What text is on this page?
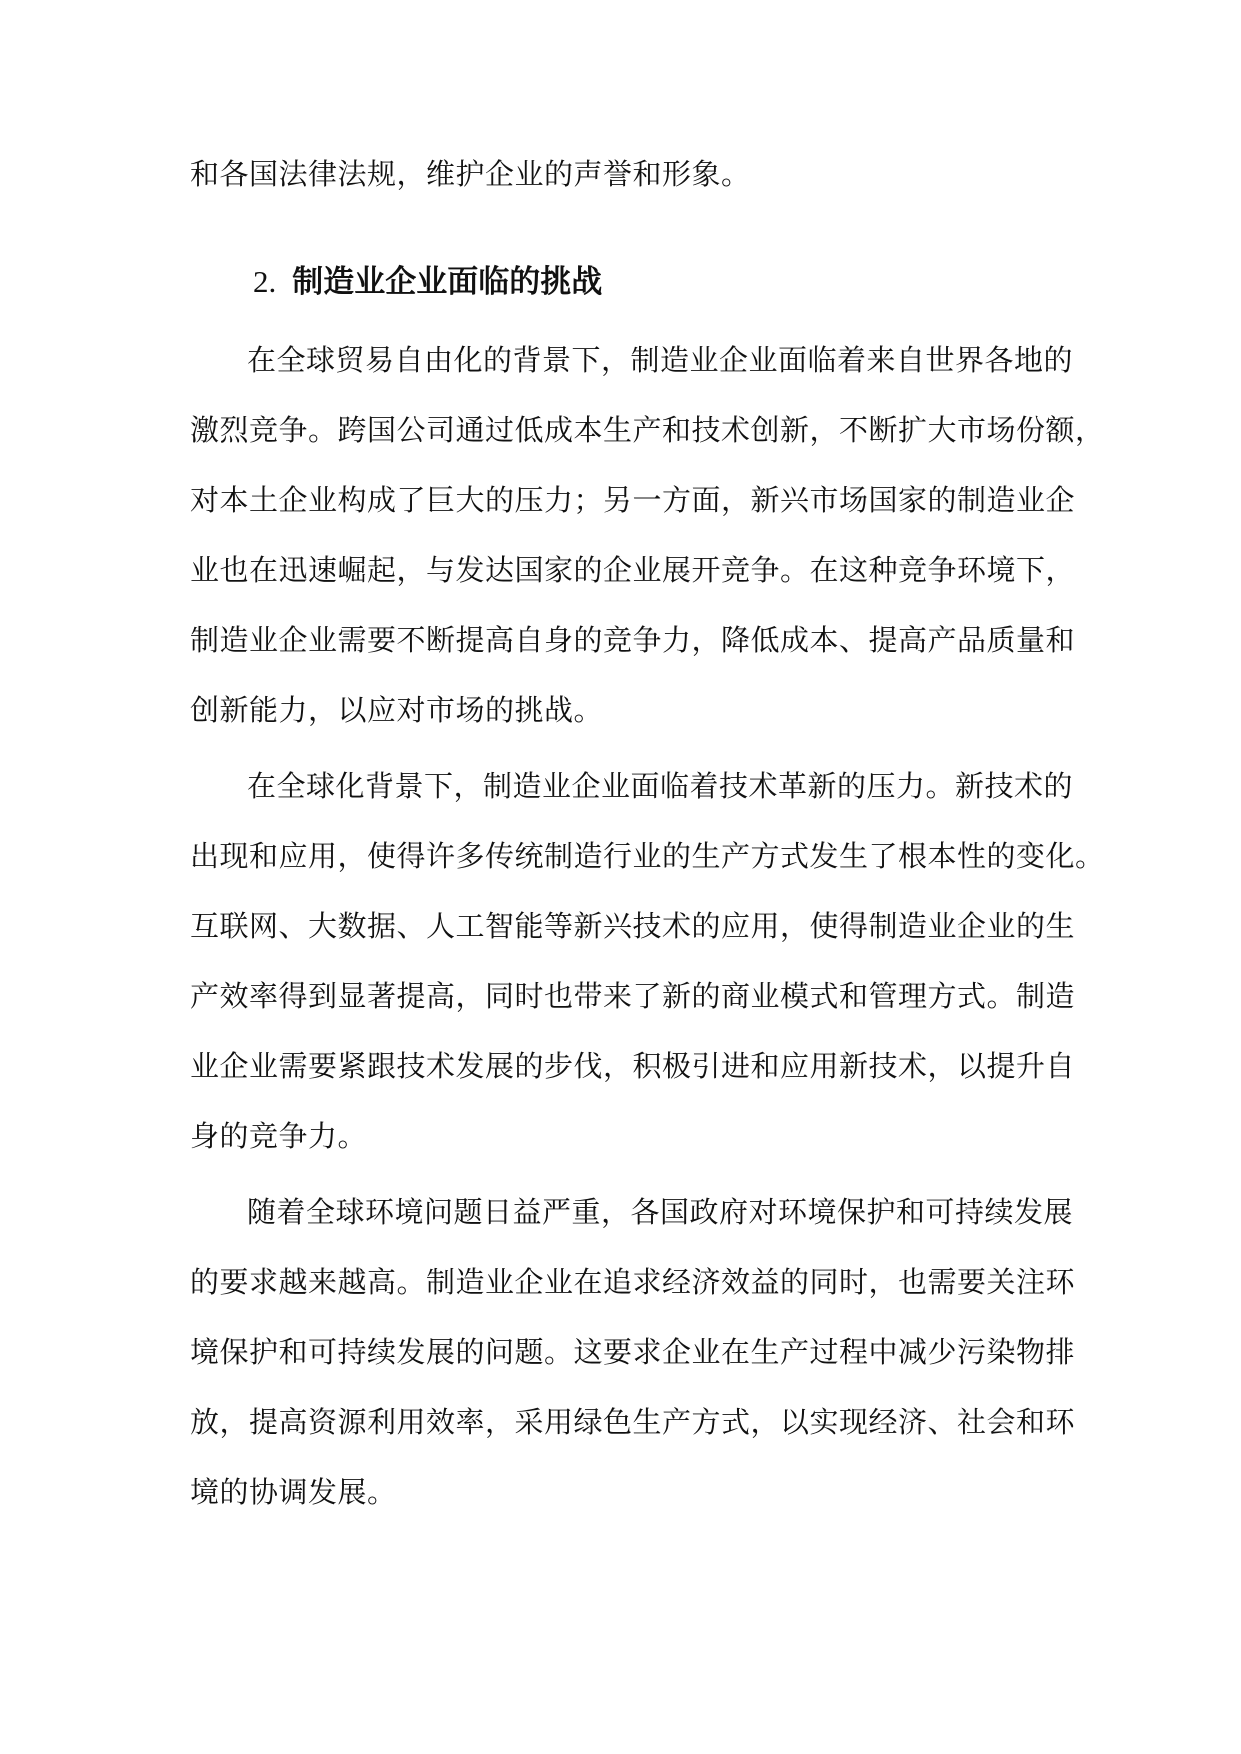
和各国法律法规，维护企业的声誉和形象。
2. 制造业企业面临的挑战
在全球贸易自由化的背景下，制造业企业面临着来自世界各地的
激烈竞争。跨国公司通过低成本生产和技术创新，不断扩大市场份额，
对本土企业构成了巨大的压力；另一方面，新兴市场国家的制造业企
业也在迅速崛起，与发达国家的企业展开竞争。在这种竞争环境下，
制造业企业需要不断提高自身的竞争力，降低成本、提高产品质量和
创新能力，以应对市场的挑战。
在全球化背景下，制造业企业面临着技术革新的压力。新技术的
出现和应用，使得许多传统制造行业的生产方式发生了根本性的变化。
互联网、大数据、人工智能等新兴技术的应用，使得制造业企业的生
产效率得到显著提高，同时也带来了新的商业模式和管理方式。制造
业企业需要紧跟技术发展的步伐，积极引进和应用新技术，以提升自
身的竞争力。
随着全球环境问题日益严重，各国政府对环境保护和可持续发展
的要求越来越高。制造业企业在追求经济效益的同时，也需要关注环
境保护和可持续发展的问题。这要求企业在生产过程中减少污染物排
放，提高资源利用效率，采用绿色生产方式，以实现经济、社会和环
境的协调发展。
